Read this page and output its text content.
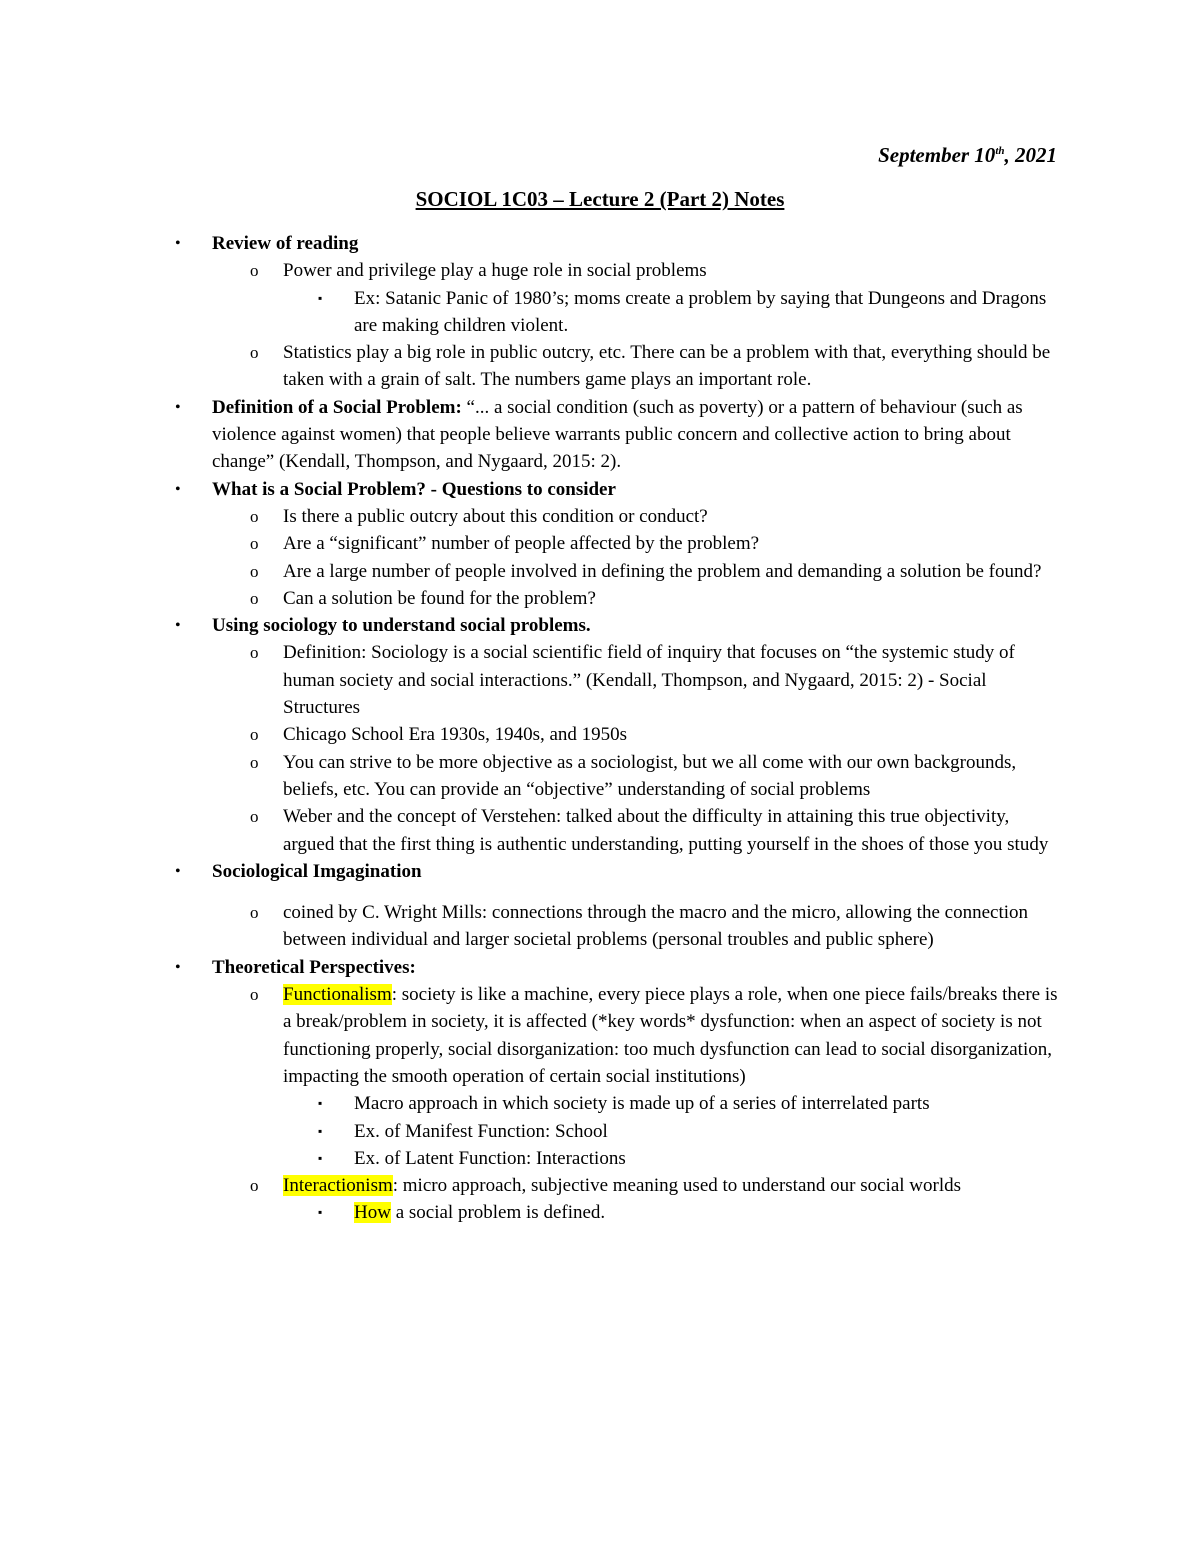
September 10th, 2021
SOCIOL 1C03 – Lecture 2 (Part 2) Notes
• Review of reading
o Power and privilege play a huge role in social problems
▪ Ex: Satanic Panic of 1980’s; moms create a problem by saying that Dungeons and Dragons are making children violent.
o Statistics play a big role in public outcry, etc. There can be a problem with that, everything should be taken with a grain of salt. The numbers game plays an important role.
• Definition of a Social Problem: “... a social condition (such as poverty) or a pattern of behaviour (such as violence against women) that people believe warrants public concern and collective action to bring about change” (Kendall, Thompson, and Nygaard, 2015: 2).
• What is a Social Problem? - Questions to consider
o Is there a public outcry about this condition or conduct?
o Are a “significant” number of people affected by the problem?
o Are a large number of people involved in defining the problem and demanding a solution be found?
o Can a solution be found for the problem?
• Using sociology to understand social problems.
o Definition: Sociology is a social scientific field of inquiry that focuses on “the systemic study of human society and social interactions.” (Kendall, Thompson, and Nygaard, 2015: 2) - Social Structures
o Chicago School Era 1930s, 1940s, and 1950s
o You can strive to be more objective as a sociologist, but we all come with our own backgrounds, beliefs, etc. You can provide an “objective” understanding of social problems
o Weber and the concept of Verstehen: talked about the difficulty in attaining this true objectivity, argued that the first thing is authentic understanding, putting yourself in the shoes of those you study
• Sociological Imgagination
o coined by C. Wright Mills: connections through the macro and the micro, allowing the connection between individual and larger societal problems (personal troubles and public sphere)
• Theoretical Perspectives:
o Functionalism: society is like a machine, every piece plays a role, when one piece fails/breaks there is a break/problem in society, it is affected (*key words* dysfunction: when an aspect of society is not functioning properly, social disorganization: too much dysfunction can lead to social disorganization, impacting the smooth operation of certain social institutions)
▪ Macro approach in which society is made up of a series of interrelated parts
▪ Ex. of Manifest Function: School
▪ Ex. of Latent Function: Interactions
o Interactionism: micro approach, subjective meaning used to understand our social worlds
▪ How a social problem is defined.
